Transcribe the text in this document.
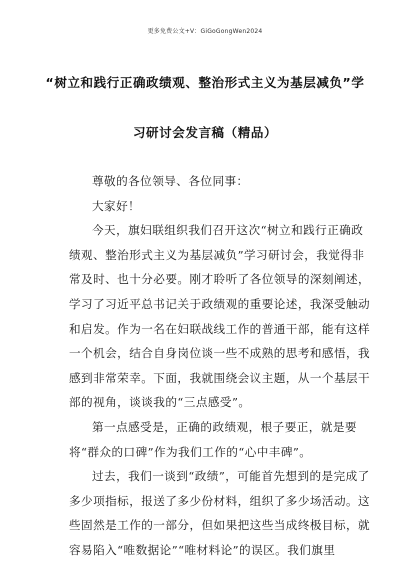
更多免费公文+V：GiGoGongWen2024
“树立和践行正确政绩观、整治形式主义为基层减负”学
习研讨会发言稿（精品）

尊敬的各位领导、各位同事：

大家好！

今天，旗妇联组织我们召开这次“树立和践行正确政绩观、整治形式主义为基层减负”学习研讨会，我觉得非常及时、也十分必要。刚才聆听了各位领导的深刻阐述，学习了习近平总书记关于政绩观的重要论述，我深受触动和启发。作为一名在妇联战线工作的普通干部，能有这样一个机会，结合自身岗位谈一些不成熟的思考和感悟，我感到非常荣幸。下面，我就围绕会议主题，从一个基层干部的视角，谈谈我的“三点感受”。

第一点感受是，正确的政绩观，根子要正，就是要将“群众的口碑”作为我们工作的“心中丰碑”。

过去，我们一谈到“政绩”，可能首先想到的是完成了多少项指标，报送了多少份材料，组织了多少场活动。这些固然是工作的一部分，但如果把这些当成终极目标，就容易陷入“唯数据论”“唯材料论”的误区。我们旗里
